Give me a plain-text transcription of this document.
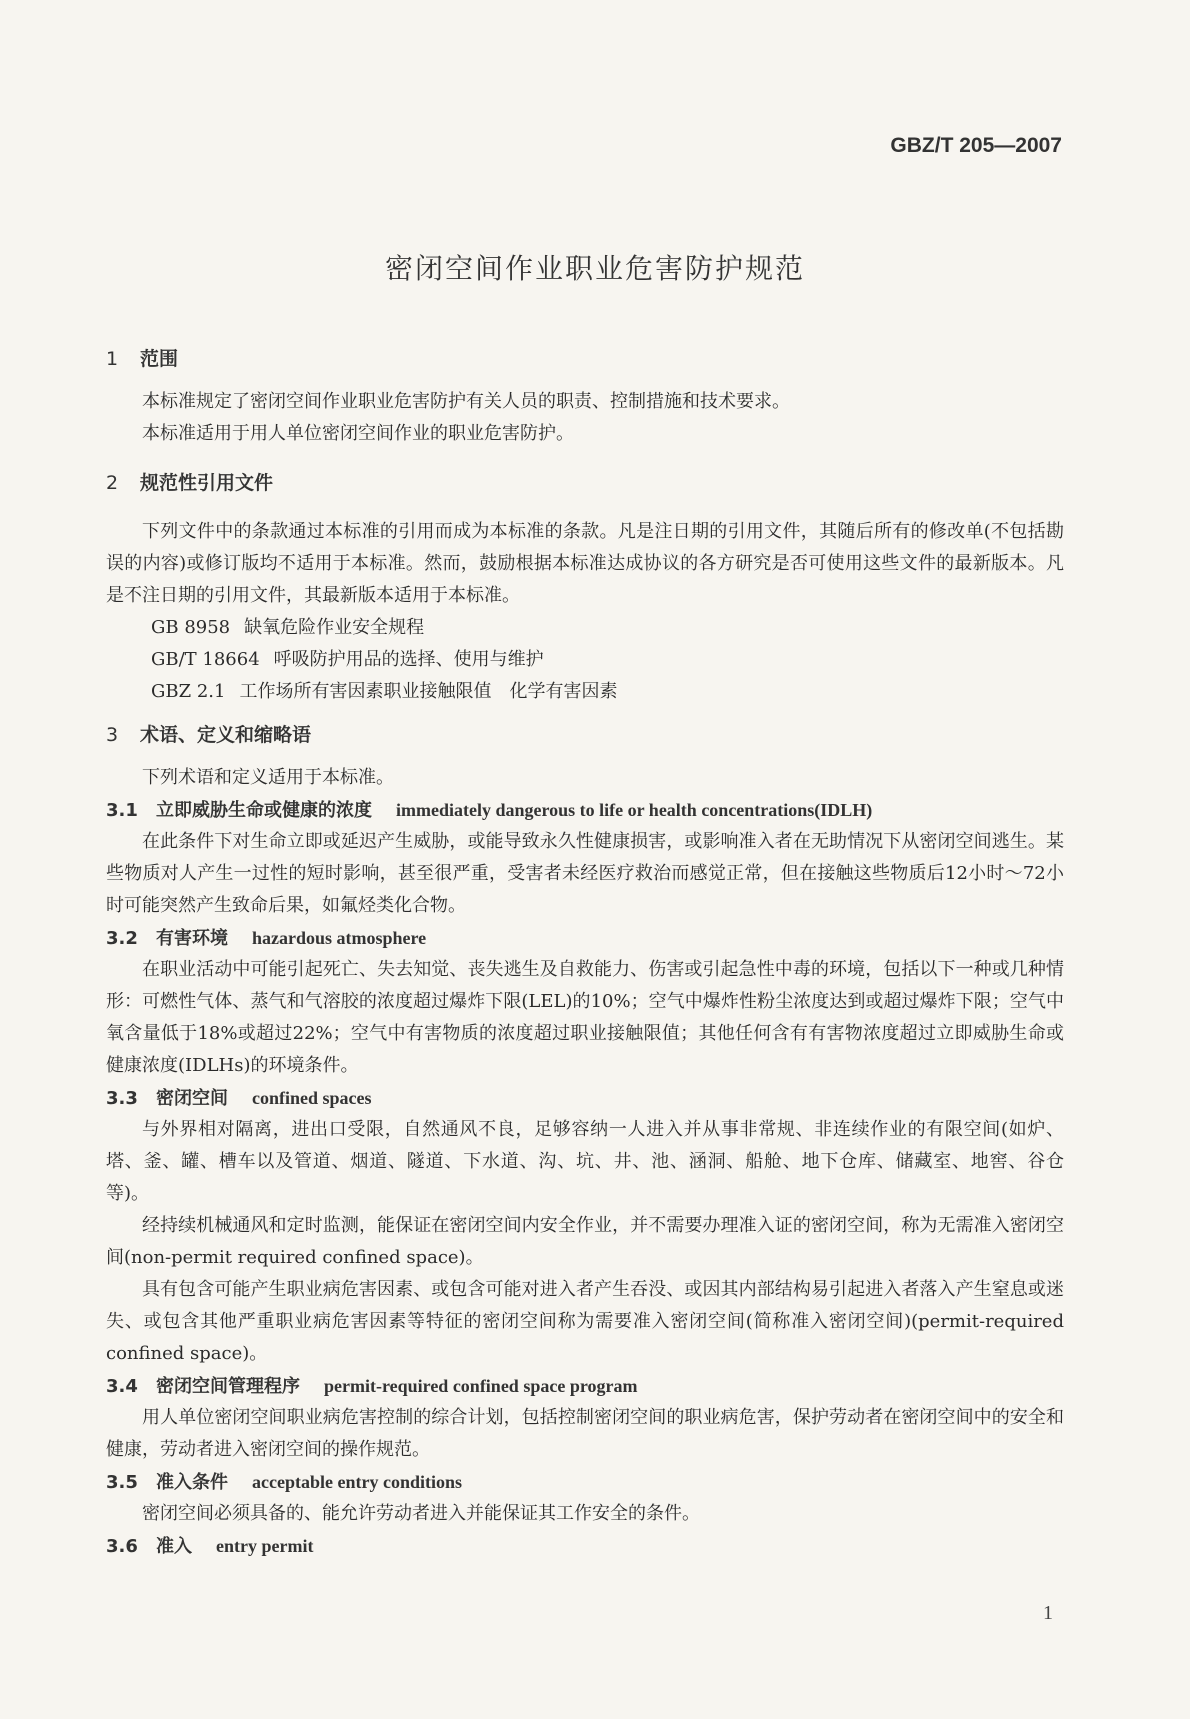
GBZ/T 205—2007
密闭空间作业职业危害防护规范
1 范围

本标准规定了密闭空间作业职业危害防护有关人员的职责、控制措施和技术要求。

本标准适用于用人单位密闭空间作业的职业危害防护。

2 规范性引用文件

下列文件中的条款通过本标准的引用而成为本标准的条款。凡是注日期的引用文件，其随后所有的修改单(不包括勘误的内容)或修订版均不适用于本标准。然而，鼓励根据本标准达成协议的各方研究是否可使用这些文件的最新版本。凡是不注日期的引用文件，其最新版本适用于本标准。

GB 8958 缺氧危险作业安全规程

GB/T 18664 呼吸防护用品的选择、使用与维护

GBZ 2.1 工作场所有害因素职业接触限值　化学有害因素

3 术语、定义和缩略语

下列术语和定义适用于本标准。

3.1 立即威胁生命或健康的浓度 immediately dangerous to life or health concentrations(IDLH)

在此条件下对生命立即或延迟产生威胁，或能导致永久性健康损害，或影响准入者在无助情况下从密闭空间逃生。某些物质对人产生一过性的短时影响，甚至很严重，受害者未经医疗救治而感觉正常，但在接触这些物质后12小时～72小时可能突然产生致命后果，如氟烃类化合物。

3.2 有害环境 hazardous atmosphere

在职业活动中可能引起死亡、失去知觉、丧失逃生及自救能力、伤害或引起急性中毒的环境，包括以下一种或几种情形：可燃性气体、蒸气和气溶胶的浓度超过爆炸下限(LEL)的10%；空气中爆炸性粉尘浓度达到或超过爆炸下限；空气中氧含量低于18%或超过22%；空气中有害物质的浓度超过职业接触限值；其他任何含有有害物浓度超过立即威胁生命或健康浓度(IDLHs)的环境条件。

3.3 密闭空间 confined spaces

与外界相对隔离，进出口受限，自然通风不良，足够容纳一人进入并从事非常规、非连续作业的有限空间(如炉、塔、釜、罐、槽车以及管道、烟道、隧道、下水道、沟、坑、井、池、涵洞、船舱、地下仓库、储藏室、地窖、谷仓等)。

经持续机械通风和定时监测，能保证在密闭空间内安全作业，并不需要办理准入证的密闭空间，称为无需准入密闭空间(non-permit required confined space)。

具有包含可能产生职业病危害因素、或包含可能对进入者产生吞没、或因其内部结构易引起进入者落入产生窒息或迷失、或包含其他严重职业病危害因素等特征的密闭空间称为需要准入密闭空间(简称准入密闭空间)(permit-required confined space)。

3.4 密闭空间管理程序 permit-required confined space program

用人单位密闭空间职业病危害控制的综合计划，包括控制密闭空间的职业病危害，保护劳动者在密闭空间中的安全和健康，劳动者进入密闭空间的操作规范。

3.5 准入条件 acceptable entry conditions

密闭空间必须具备的、能允许劳动者进入并能保证其工作安全的条件。

3.6 准入 entry permit
1
